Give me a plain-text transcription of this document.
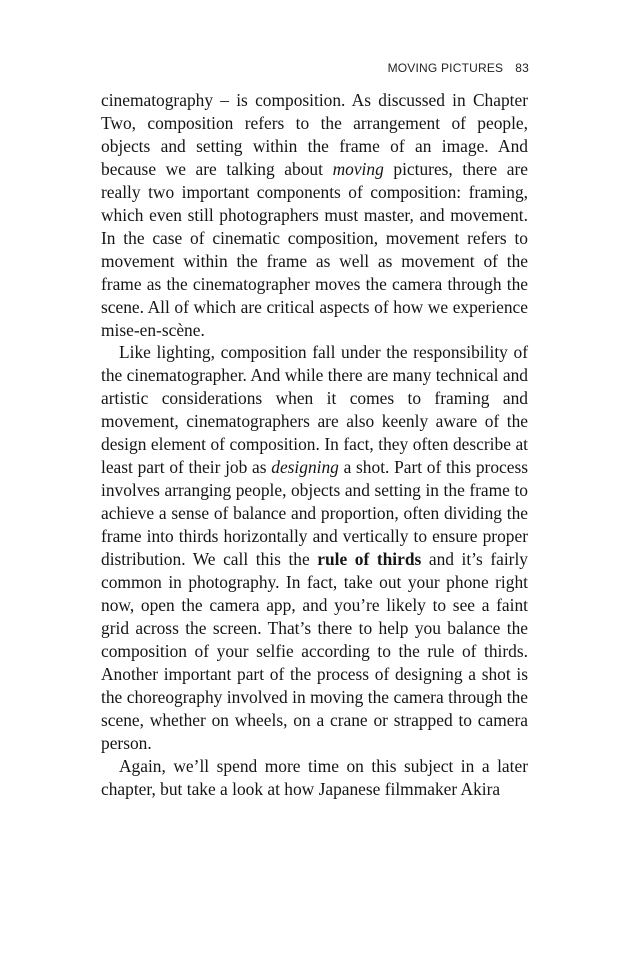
MOVING PICTURES 83

cinematography – is composition. As discussed in Chapter Two, composition refers to the arrangement of people, objects and setting within the frame of an image. And because we are talking about moving pictures, there are really two important components of composition: framing, which even still photographers must master, and movement. In the case of cinematic composition, movement refers to movement within the frame as well as movement of the frame as the cinematographer moves the camera through the scene. All of which are critical aspects of how we experience mise-en-scène.

Like lighting, composition fall under the responsibility of the cinematographer. And while there are many technical and artistic considerations when it comes to framing and movement, cinematographers are also keenly aware of the design element of composition. In fact, they often describe at least part of their job as designing a shot. Part of this process involves arranging people, objects and setting in the frame to achieve a sense of balance and proportion, often dividing the frame into thirds horizontally and vertically to ensure proper distribution. We call this the rule of thirds and it’s fairly common in photography. In fact, take out your phone right now, open the camera app, and you’re likely to see a faint grid across the screen. That’s there to help you balance the composition of your selfie according to the rule of thirds. Another important part of the process of designing a shot is the choreography involved in moving the camera through the scene, whether on wheels, on a crane or strapped to camera person.

Again, we’ll spend more time on this subject in a later chapter, but take a look at how Japanese filmmaker Akira
